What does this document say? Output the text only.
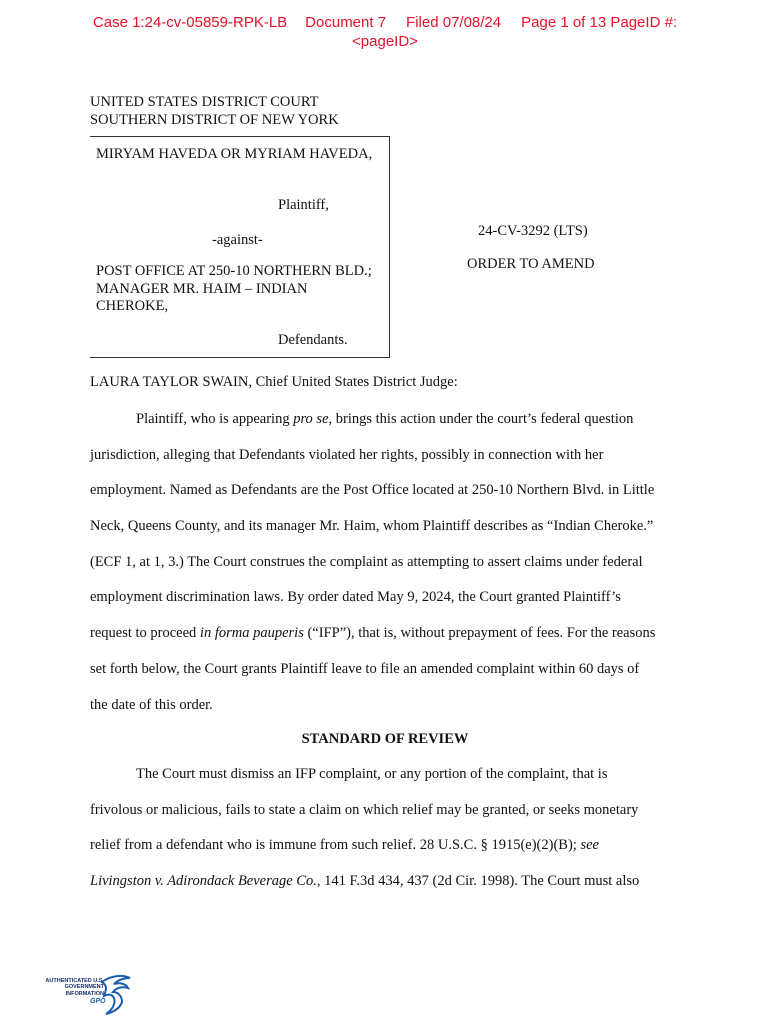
Case 1:24-cv-05859-RPK-LB Document 7 Filed 07/08/24 Page 1 of 13 PageID #:
<pageID>
UNITED STATES DISTRICT COURT
SOUTHERN DISTRICT OF NEW YORK
MIRYAM HAVEDA OR MYRIAM HAVEDA,
Plaintiff,
-against-
POST OFFICE AT 250-10 NORTHERN BLD.; MANAGER MR. HAIM – INDIAN CHEROKE,
Defendants.
24-CV-3292 (LTS)
ORDER TO AMEND
LAURA TAYLOR SWAIN, Chief United States District Judge:
Plaintiff, who is appearing pro se, brings this action under the court’s federal question
jurisdiction, alleging that Defendants violated her rights, possibly in connection with her
employment. Named as Defendants are the Post Office located at 250-10 Northern Blvd. in Little
Neck, Queens County, and its manager Mr. Haim, whom Plaintiff describes as “Indian Cheroke.”
(ECF 1, at 1, 3.) The Court construes the complaint as attempting to assert claims under federal
employment discrimination laws. By order dated May 9, 2024, the Court granted Plaintiff’s
request to proceed in forma pauperis (“IFP”), that is, without prepayment of fees. For the reasons
set forth below, the Court grants Plaintiff leave to file an amended complaint within 60 days of
the date of this order.
STANDARD OF REVIEW
The Court must dismiss an IFP complaint, or any portion of the complaint, that is
frivolous or malicious, fails to state a claim on which relief may be granted, or seeks monetary
relief from a defendant who is immune from such relief. 28 U.S.C. § 1915(e)(2)(B); see
Livingston v. Adirondack Beverage Co., 141 F.3d 434, 437 (2d Cir. 1998). The Court must also
AUTHENTICATED U.S. GOVERNMENT INFORMATION
GPO
